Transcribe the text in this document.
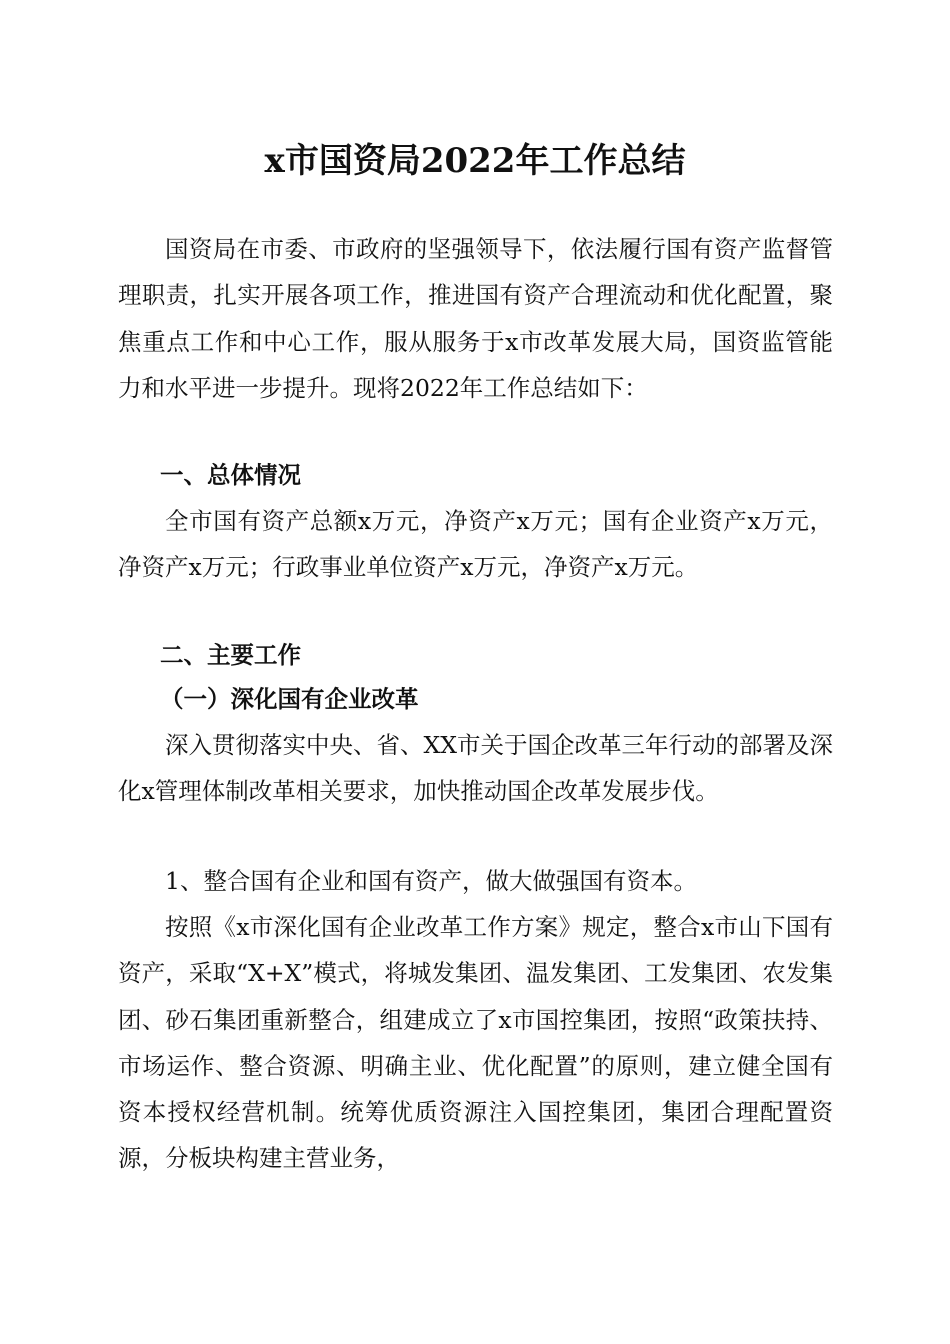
x市国资局2022年工作总结

国资局在市委、市政府的坚强领导下，依法履行国有资产监督管理职责，扎实开展各项工作，推进国有资产合理流动和优化配置，聚焦重点工作和中心工作，服从服务于x市改革发展大局，国资监管能力和水平进一步提升。现将2022年工作总结如下：

一、总体情况

全市国有资产总额x万元，净资产x万元；国有企业资产x万元，净资产x万元；行政事业单位资产x万元，净资产x万元。

二、主要工作
（一）深化国有企业改革

深入贯彻落实中央、省、XX市关于国企改革三年行动的部署及深化x管理体制改革相关要求，加快推动国企改革发展步伐。

1、整合国有企业和国有资产，做大做强国有资本。

按照《x市深化国有企业改革工作方案》规定，整合x市山下国有资产，采取“X+X”模式，将城发集团、温发集团、工发集团、农发集团、砂石集团重新整合，组建成立了x市国控集团，按照“政策扶持、市场运作、整合资源、明确主业、优化配置”的原则，建立健全国有资本授权经营机制。统筹优质资源注入国控集团，集团合理配置资源，分板块构建主营业务，
